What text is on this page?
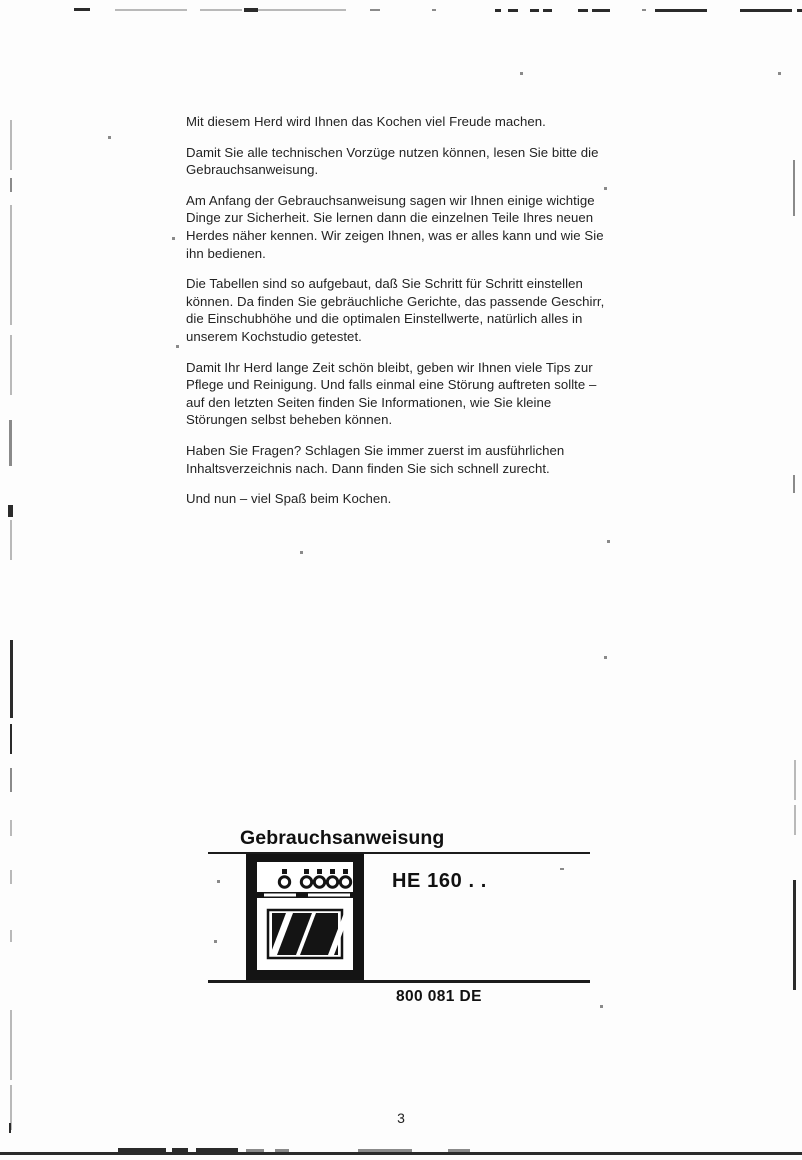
Mit diesem Herd wird Ihnen das Kochen viel Freude machen.

Damit Sie alle technischen Vorzüge nutzen können, lesen Sie bitte die Gebrauchsanweisung.

Am Anfang der Gebrauchsanweisung sagen wir Ihnen einige wichtige Dinge zur Sicherheit. Sie lernen dann die einzelnen Teile Ihres neuen Herdes näher kennen. Wir zeigen Ihnen, was er alles kann und wie Sie ihn bedienen.

Die Tabellen sind so aufgebaut, daß Sie Schritt für Schritt einstellen können. Da finden Sie gebräuchliche Gerichte, das passende Geschirr, die Einschubhöhe und die optimalen Einstellwerte, natürlich alles in unserem Kochstudio getestet.

Damit Ihr Herd lange Zeit schön bleibt, geben wir Ihnen viele Tips zur Pflege und Reinigung. Und falls einmal eine Störung auftreten sollte – auf den letzten Seiten finden Sie Informationen, wie Sie kleine Störungen selbst beheben können.

Haben Sie Fragen? Schlagen Sie immer zuerst im ausführlichen Inhaltsverzeichnis nach. Dann finden Sie sich schnell zurecht.

Und nun – viel Spaß beim Kochen.

Gebrauchsanweisung
HE 160 . .
800 081 DE
3
